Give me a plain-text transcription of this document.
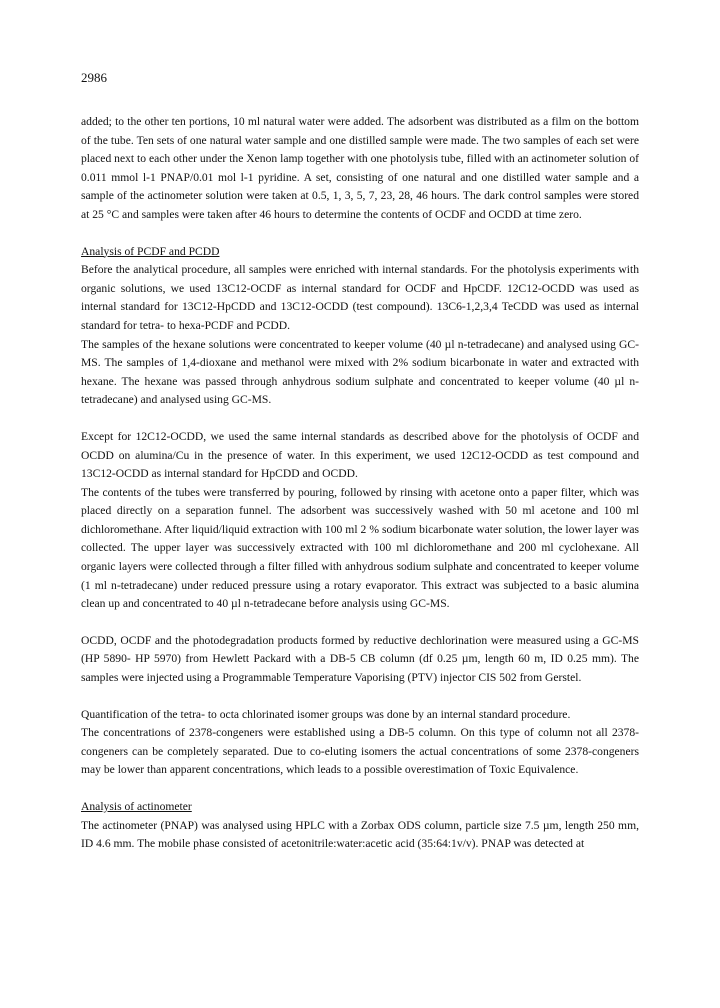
2986

added; to the other ten portions, 10 ml natural water were added. The adsorbent was distributed as a film on the bottom of the tube. Ten sets of one natural water sample and one distilled sample were made. The two samples of each set were placed next to each other under the Xenon lamp together with one photolysis tube, filled with an actinometer solution of 0.011 mmol l-1 PNAP/0.01 mol l-1 pyridine. A set, consisting of one natural and one distilled water sample and a sample of the actinometer solution were taken at 0.5, 1, 3, 5, 7, 23, 28, 46 hours. The dark control samples were stored at 25 °C and samples were taken after 46 hours to determine the contents of OCDF and OCDD at time zero.

Analysis of PCDF and PCDD

Before the analytical procedure, all samples were enriched with internal standards. For the photolysis experiments with organic solutions, we used 13C12-OCDF as internal standard for OCDF and HpCDF. 12C12-OCDD was used as internal standard for 13C12-HpCDD and 13C12-OCDD (test compound). 13C6-1,2,3,4 TeCDD was used as internal standard for tetra- to hexa-PCDF and PCDD.

The samples of the hexane solutions were concentrated to keeper volume (40 µl n-tetradecane) and analysed using GC-MS. The samples of 1,4-dioxane and methanol were mixed with 2% sodium bicarbonate in water and extracted with hexane. The hexane was passed through anhydrous sodium sulphate and concentrated to keeper volume (40 µl n-tetradecane) and analysed using GC-MS.

Except for 12C12-OCDD, we used the same internal standards as described above for the photolysis of OCDF and OCDD on alumina/Cu in the presence of water. In this experiment, we used 12C12-OCDD as test compound and 13C12-OCDD as internal standard for HpCDD and OCDD.

The contents of the tubes were transferred by pouring, followed by rinsing with acetone onto a paper filter, which was placed directly on a separation funnel. The adsorbent was successively washed with 50 ml acetone and 100 ml dichloromethane. After liquid/liquid extraction with 100 ml 2 % sodium bicarbonate water solution, the lower layer was collected. The upper layer was successively extracted with 100 ml dichloromethane and 200 ml cyclohexane. All organic layers were collected through a filter filled with anhydrous sodium sulphate and concentrated to keeper volume (1 ml n-tetradecane) under reduced pressure using a rotary evaporator. This extract was subjected to a basic alumina clean up and concentrated to 40 µl n-tetradecane before analysis using GC-MS.

OCDD, OCDF and the photodegradation products formed by reductive dechlorination were measured using a GC-MS (HP 5890- HP 5970) from Hewlett Packard with a DB-5 CB column (df 0.25 µm, length 60 m, ID 0.25 mm). The samples were injected using a Programmable Temperature Vaporising (PTV) injector CIS 502 from Gerstel.

Quantification of the tetra- to octa chlorinated isomer groups was done by an internal standard procedure.

The concentrations of 2378-congeners were established using a DB-5 column. On this type of column not all 2378-congeners can be completely separated. Due to co-eluting isomers the actual concentrations of some 2378-congeners may be lower than apparent concentrations, which leads to a possible overestimation of Toxic Equivalence.

Analysis of actinometer

The actinometer (PNAP) was analysed using HPLC with a Zorbax ODS column, particle size 7.5 µm, length 250 mm, ID 4.6 mm. The mobile phase consisted of acetonitrile:water:acetic acid (35:64:1v/v). PNAP was detected at
